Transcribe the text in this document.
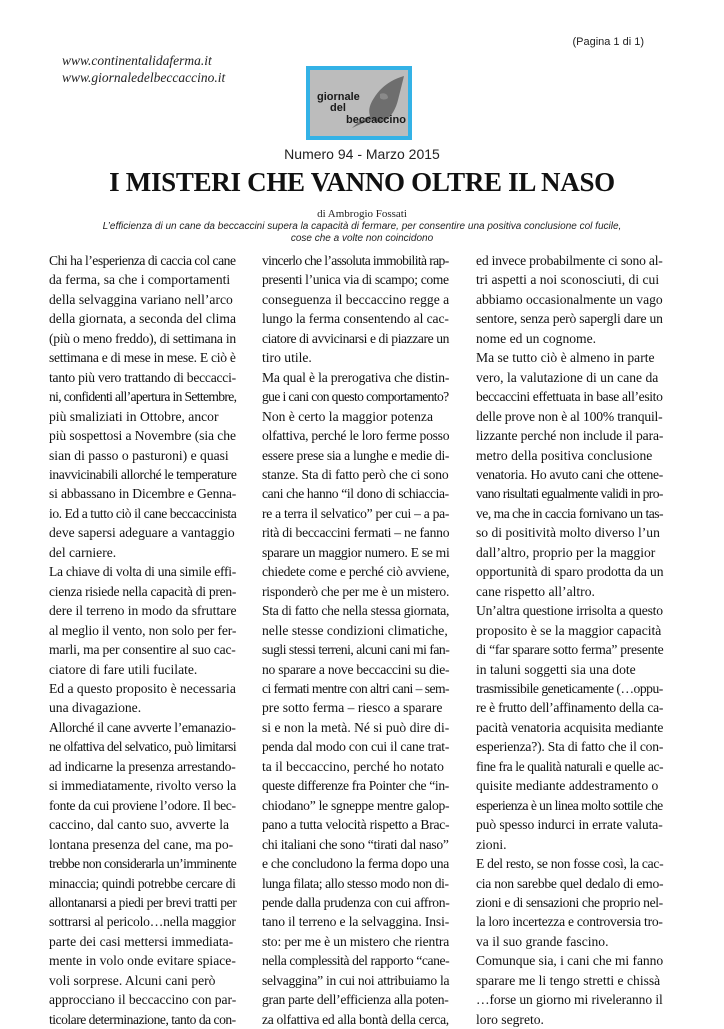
(Pagina 1 di 1)
www.continentalidaferma.it
www.giornaledelbeccaccino.it
giornale
del
beccaccino
Numero 94 - Marzo 2015
I MISTERI CHE VANNO OLTRE IL NASO
di Ambrogio Fossati
L’efficienza di un cane da beccaccini supera la capacità di fermare, per consentire una positiva conclusione col fucile,
cose che a volte non coincidono

Chi ha l’esperienza di caccia col cane

da ferma, sa che i comportamenti

della selvaggina variano nell’arco

della giornata, a seconda del clima

(più o meno freddo), di settimana in

settimana e di mese in mese. E ciò è

tanto più vero trattando di beccacci-

ni, confidenti all’apertura in Settembre,

più smaliziati in Ottobre, ancor

più sospettosi a Novembre (sia che

sian di passo o pasturoni) e quasi

inavvicinabili allorché le temperature

si abbassano in Dicembre e Genna-

io. Ed a tutto ciò il cane beccaccinista

deve sapersi adeguare a vantaggio

del carniere.

La chiave di volta di una simile effi-

cienza risiede nella capacità di pren-

dere il terreno in modo da sfruttare

al meglio il vento, non solo per fer-

marli, ma per consentire al suo cac-

ciatore di fare utili fucilate.

Ed a questo proposito è necessaria

una divagazione.

Allorché il cane avverte l’emanazio-

ne olfattiva del selvatico, può limitarsi

ad indicarne la presenza arrestando-

si immediatamente, rivolto verso la

fonte da cui proviene l’odore. Il bec-

caccino, dal canto suo, avverte la

lontana presenza del cane, ma po-

trebbe non considerarla un’imminente

minaccia; quindi potrebbe cercare di

allontanarsi a piedi per brevi tratti per

sottrarsi al pericolo…nella maggior

parte dei casi mettersi immediata-

mente in volo onde evitare spiace-

voli sorprese. Alcuni cani però

approcciano il beccaccino con par-

ticolare determinazione, tanto da con-

vincerlo che l’assoluta immobilità rap-

presenti l’unica via di scampo; come

conseguenza il beccaccino regge a

lungo la ferma consentendo al cac-

ciatore di avvicinarsi e di piazzare un

tiro utile.

Ma qual è la prerogativa che distin-

gue i cani con questo comportamento?

Non è certo la maggior potenza

olfattiva, perché le loro ferme posso

essere prese sia a lunghe e medie di-

stanze. Sta di fatto però che ci sono

cani che hanno “il dono di schiaccia-

re a terra il selvatico” per cui – a pa-

rità di beccaccini fermati – ne fanno

sparare un maggior numero. E se mi

chiedete come e perché ciò avviene,

risponderò che per me è un mistero.

Sta di fatto che nella stessa giornata,

nelle stesse condizioni climatiche,

sugli stessi terreni, alcuni cani mi fan-

no sparare a nove beccaccini su die-

ci fermati mentre con altri cani – sem-

pre sotto ferma – riesco a sparare

si e non la metà. Né si può dire di-

penda dal modo con cui il cane trat-

ta il beccaccino, perché ho notato

queste differenze fra Pointer che “in-

chiodano” le sgneppe mentre galop-

pano a tutta velocità rispetto a Brac-

chi italiani che sono “tirati dal naso”

e che concludono la ferma dopo una

lunga filata; allo stesso modo non di-

pende dalla prudenza con cui affron-

tano il terreno e la selvaggina. Insi-

sto: per me è un mistero che rientra

nella complessità del rapporto “cane-

selvaggina” in cui noi attribuiamo la

gran parte dell’efficienza alla poten-

za olfattiva ed alla bontà della cerca,

ed invece probabilmente ci sono al-

tri aspetti a noi sconosciuti, di cui

abbiamo occasionalmente un vago

sentore, senza però sapergli dare un

nome ed un cognome.

Ma se tutto ciò è almeno in parte

vero, la valutazione di un cane da

beccaccini effettuata in base all’esito

delle prove non è al 100% tranquil-

lizzante perché non include il para-

metro della positiva conclusione

venatoria. Ho avuto cani che ottene-

vano risultati egualmente validi in pro-

ve, ma che in caccia fornivano un tas-

so di positività molto diverso l’un

dall’altro, proprio per la maggior

opportunità di sparo prodotta da un

cane rispetto all’altro.

Un’altra questione irrisolta a questo

proposito è se la maggior capacità

di “far sparare sotto ferma” presente

in taluni soggetti sia una dote

trasmissibile geneticamente (…oppu-

re è frutto dell’affinamento della ca-

pacità venatoria acquisita mediante

esperienza?). Sta di fatto che il con-

fine fra le qualità naturali e quelle ac-

quisite mediante addestramento o

esperienza è un linea molto sottile che

può spesso indurci in errate valuta-

zioni.

E del resto, se non fosse così, la cac-

cia non sarebbe quel dedalo di emo-

zioni e di sensazioni che proprio nel-

la loro incertezza e controversia tro-

va il suo grande fascino.

Comunque sia, i cani che mi fanno

sparare me li tengo stretti e chissà

…forse un giorno mi riveleranno il

loro segreto.
